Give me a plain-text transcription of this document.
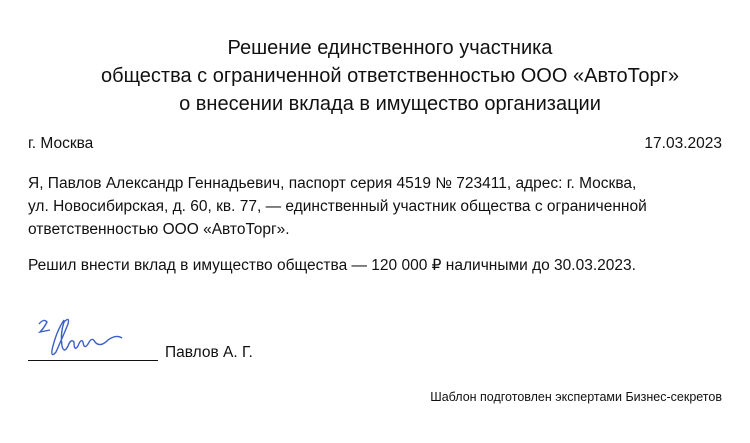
Решение единственного участника
общества с ограниченной ответственностью ООО «АвтоТорг»
о внесении вклада в имущество организации
г. Москва	17.03.2023
Я, Павлов Александр Геннадьевич, паспорт серия 4519 № 723411, адрес: г. Москва,
ул. Новосибирская, д. 60, кв. 77, — единственный участник общества с ограниченной
ответственностью ООО «АвтоТорг».
Решил внести вклад в имущество общества — 120 000 ₽ наличными до 30.03.2023.
Павлов А. Г.
Шаблон подготовлен экспертами Бизнес-секретов
